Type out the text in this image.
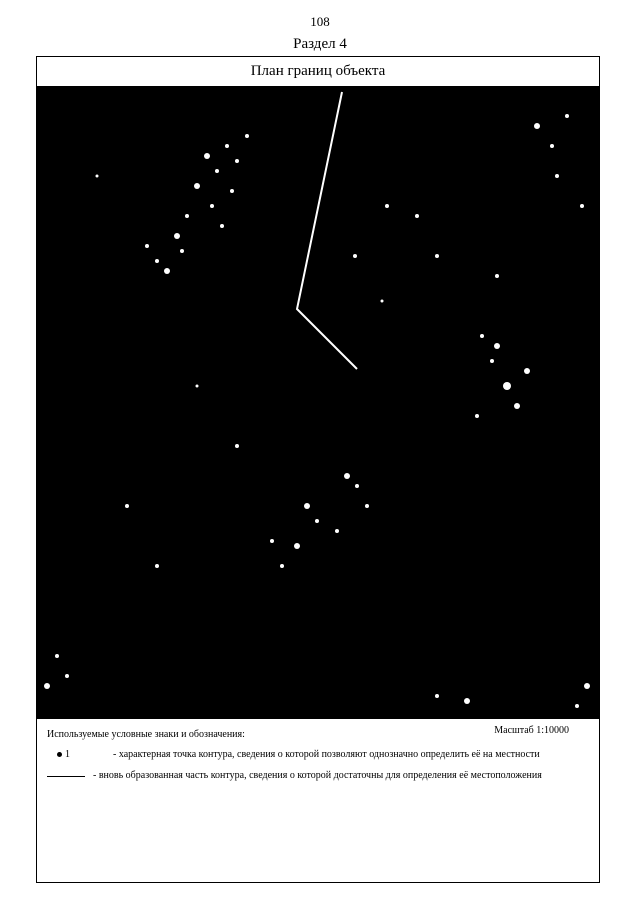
108
Раздел 4
План границ объекта
Используемые условные знаки и обозначения:	Масштаб 1:10000
1	- характерная точка контура, сведения о которой позволяют однозначно определить её на местности
- вновь образованная часть контура, сведения о которой достаточны для определения её местоположения
